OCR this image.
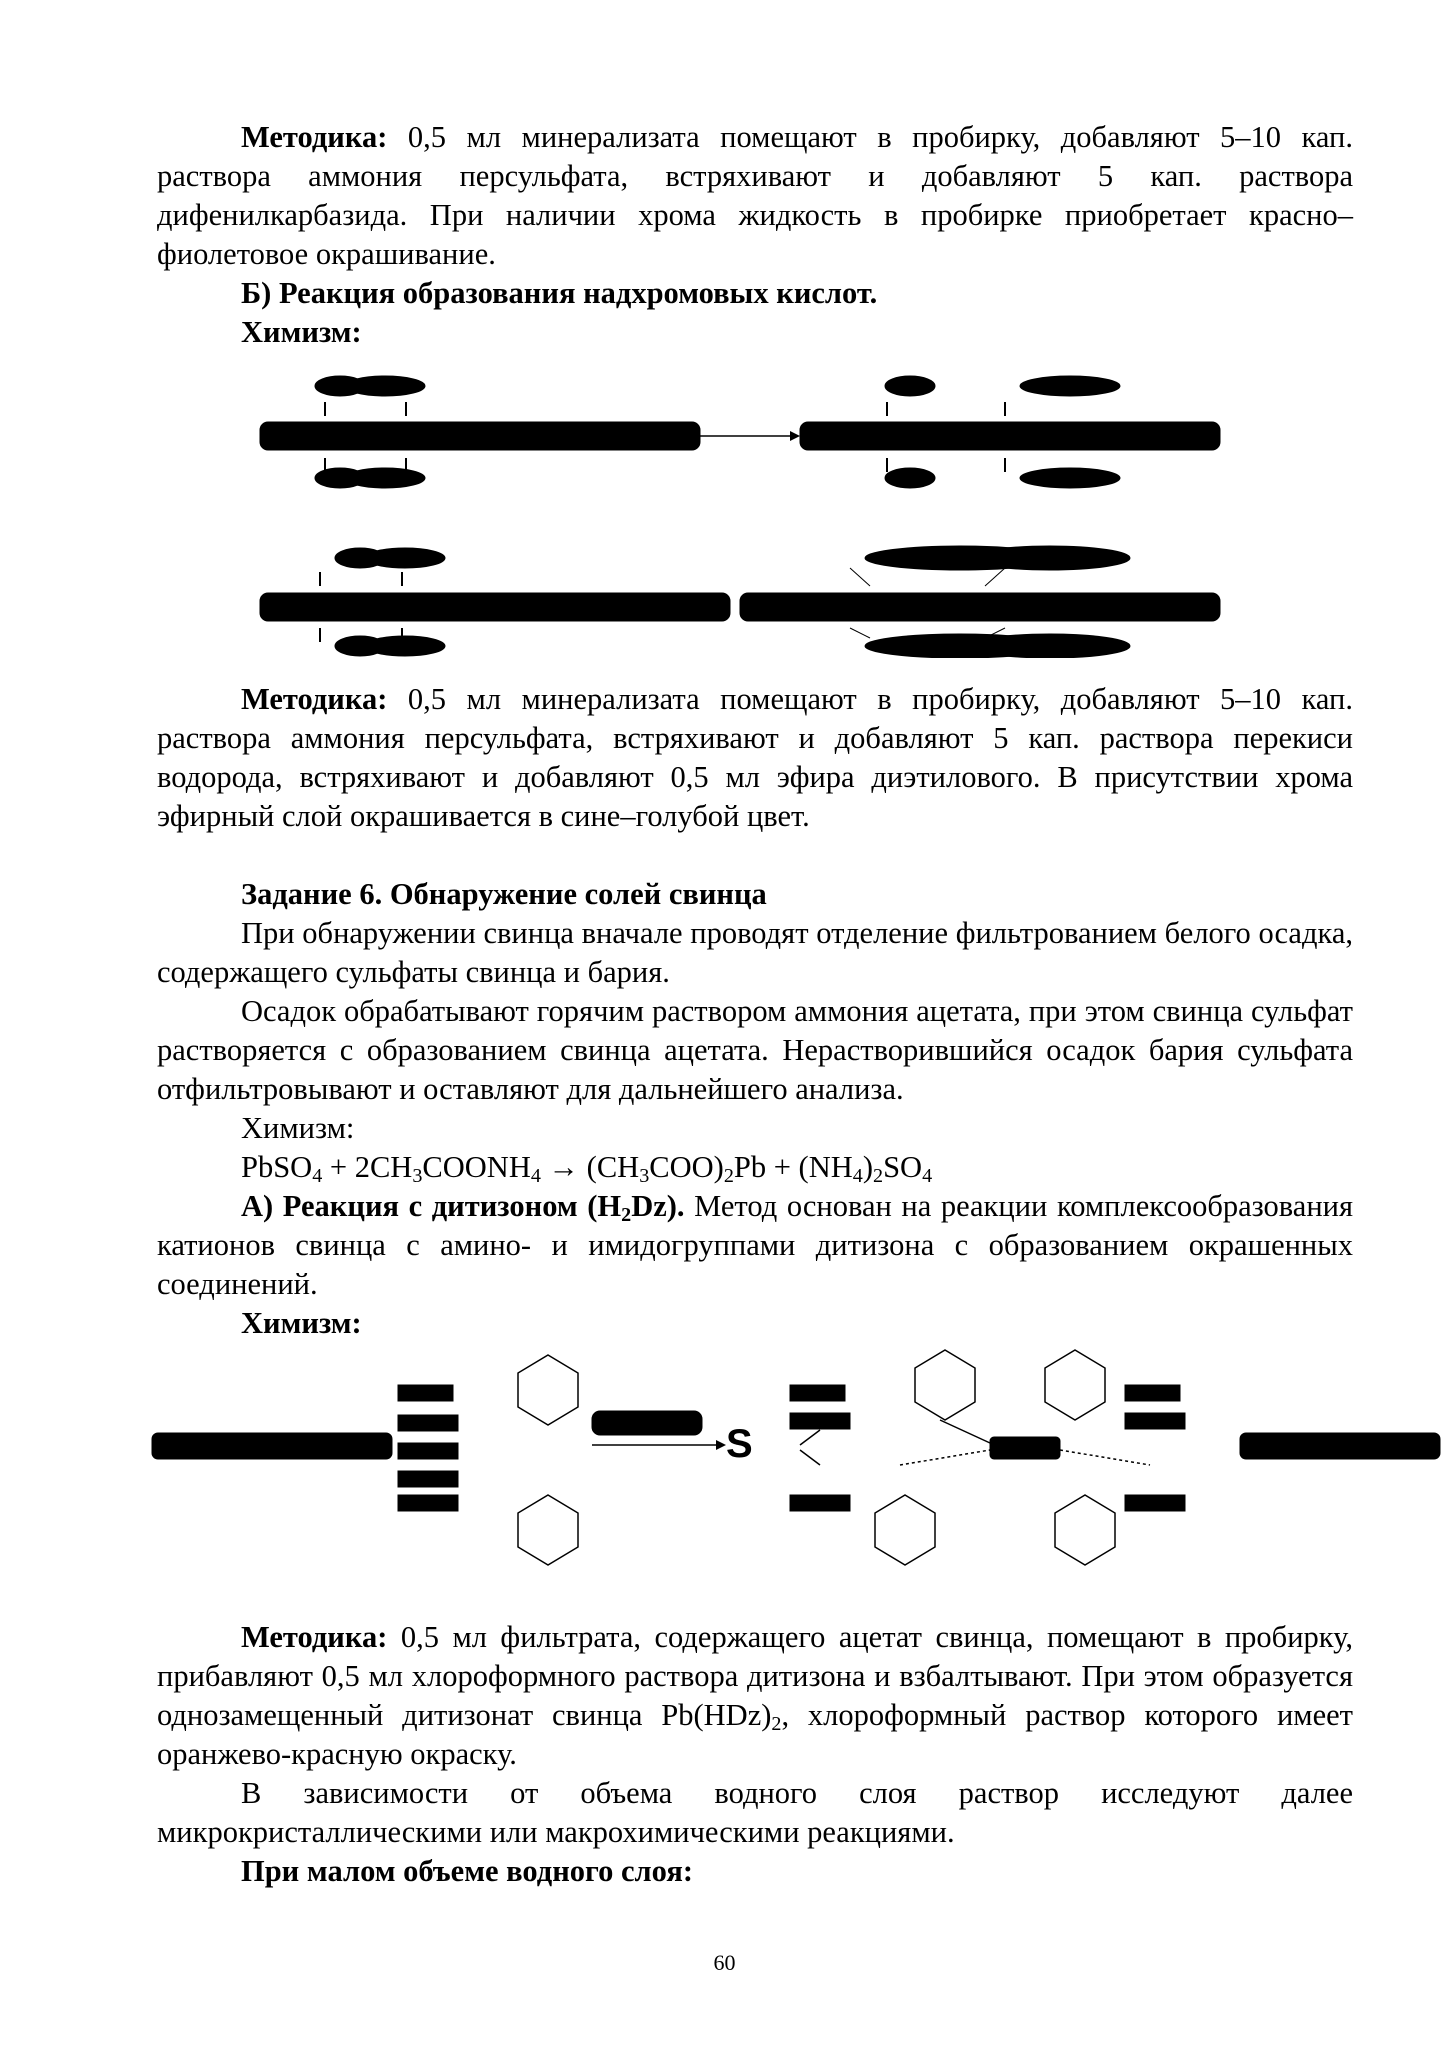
Методика: 0,5 мл минерализата помещают в пробирку, добавляют 5–10 кап. раствора аммония персульфата, встряхивают и добавляют 5 кап. раствора дифенилкарбазида. При наличии хрома жидкость в пробирке приобретает красно–фиолетовое окрашивание.

Б) Реакция образования надхромовых кислот.

Химизм:

Методика: 0,5 мл минерализата помещают в пробирку, добавляют 5–10 кап. раствора аммония персульфата, встряхивают и добавляют 5 кап. раствора перекиси водорода, встряхивают и добавляют 0,5 мл эфира диэтилового. В присутствии хрома эфирный слой окрашивается в сине–голубой цвет.

Задание 6. Обнаружение солей свинца

При обнаружении свинца вначале проводят отделение фильтрованием белого осадка, содержащего сульфаты свинца и бария.

Осадок обрабатывают горячим раствором аммония ацетата, при этом свинца сульфат растворяется с образованием свинца ацетата. Нерастворившийся осадок бария сульфата отфильтровывают и оставляют для дальнейшего анализа.

Химизм:

PbSO$_4$ + $2CH_3COONH_4 \to (CH_3COO)_2Pb + (NH_4)_2SO_4$

А) Реакция с дитизоном $(H_2Dz)$. Метод основан на реакции комплексообразования катионов свинца с амино- и имидогруппами дитизона с образованием окрашенных соединений.

Химизм:

S

Методика: 0,5 мл фильтрата, содержащего ацетат свинца, помещают в пробирку, прибавляют 0,5 мл хлороформного раствора дитизона и взбалтывают. При этом образуется однозамещенный дитизонат свинца $Pb(HDz)_2$, хлороформный раствор которого имеет оранжево-красную окраску.

В зависимости от объема водного слоя раствор исследуют далее микрокристаллическими или макрохимическими реакциями.

При малом объеме водного слоя:

60
